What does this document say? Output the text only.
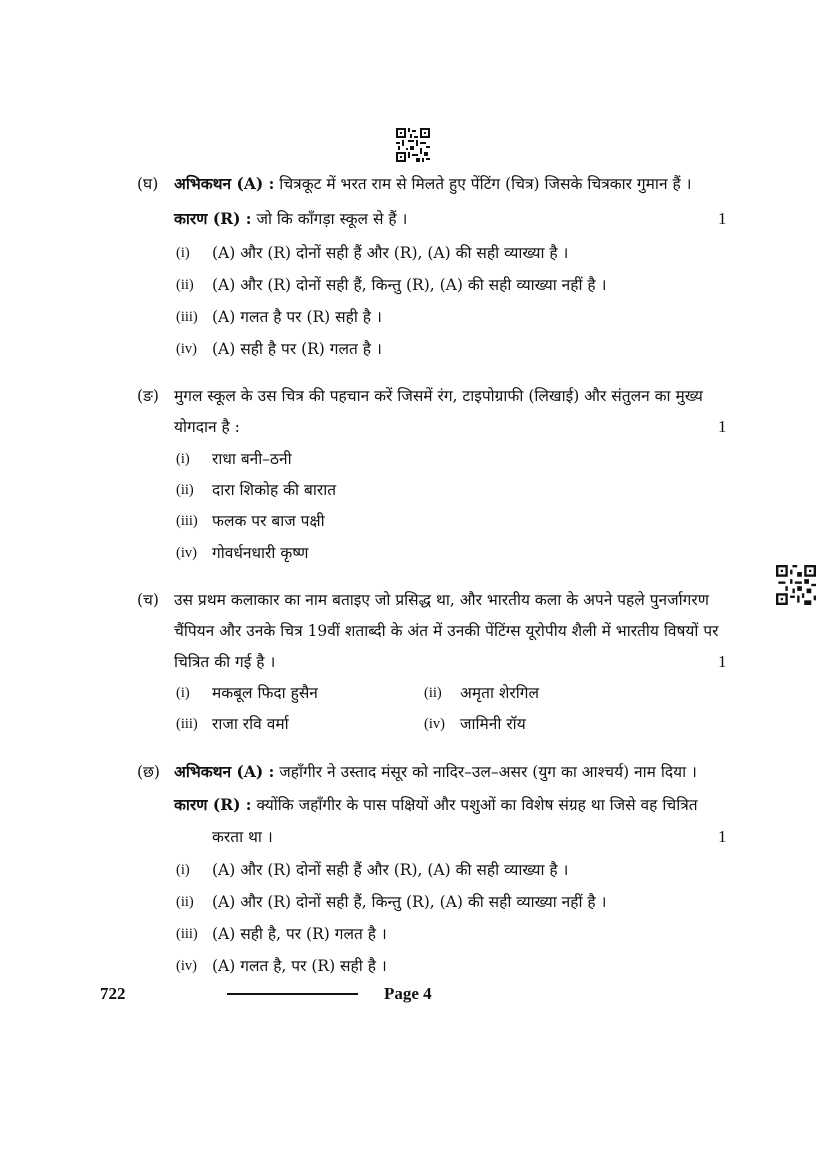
(घ) अभिकथन (A) : चित्रकूट में भरत राम से मिलते हुए पेंटिंग (चित्र) जिसके चित्रकार गुमान हैं ।
कारण (R) : जो कि काँगड़ा स्कूल से हैं ।	1
(i) (A) और (R) दोनों सही हैं और (R), (A) की सही व्याख्या है ।
(ii) (A) और (R) दोनों सही हैं, किन्तु (R), (A) की सही व्याख्या नहीं है ।
(iii) (A) गलत है पर (R) सही है ।
(iv) (A) सही है पर (R) गलत है ।
(ङ) मुगल स्कूल के उस चित्र की पहचान करें जिसमें रंग, टाइपोग्राफी (लिखाई) और संतुलन का मुख्य
योगदान है :	1
(i) राधा बनी–ठनी
(ii) दारा शिकोह की बारात
(iii) फलक पर बाज पक्षी
(iv) गोवर्धनधारी कृष्ण
(च) उस प्रथम कलाकार का नाम बताइए जो प्रसिद्ध था, और भारतीय कला के अपने पहले पुनर्जागरण
चैंपियन और उनके चित्र 19वीं शताब्दी के अंत में उनकी पेंटिंग्स यूरोपीय शैली में भारतीय विषयों पर
चित्रित की गई है ।	1
(i) मकबूल फिदा हुसैन	(ii) अमृता शेरगिल
(iii) राजा रवि वर्मा	(iv) जामिनी रॉय
(छ) अभिकथन (A) : जहाँगीर ने उस्ताद मंसूर को नादिर–उल–असर (युग का आश्चर्य) नाम दिया ।
कारण (R) : क्योंकि जहाँगीर के पास पक्षियों और पशुओं का विशेष संग्रह था जिसे वह चित्रित
करता था ।	1
(i) (A) और (R) दोनों सही हैं और (R), (A) की सही व्याख्या है ।
(ii) (A) और (R) दोनों सही हैं, किन्तु (R), (A) की सही व्याख्या नहीं है ।
(iii) (A) सही है, पर (R) गलत है ।
(iv) (A) गलत है, पर (R) सही है ।
722	Page 4
